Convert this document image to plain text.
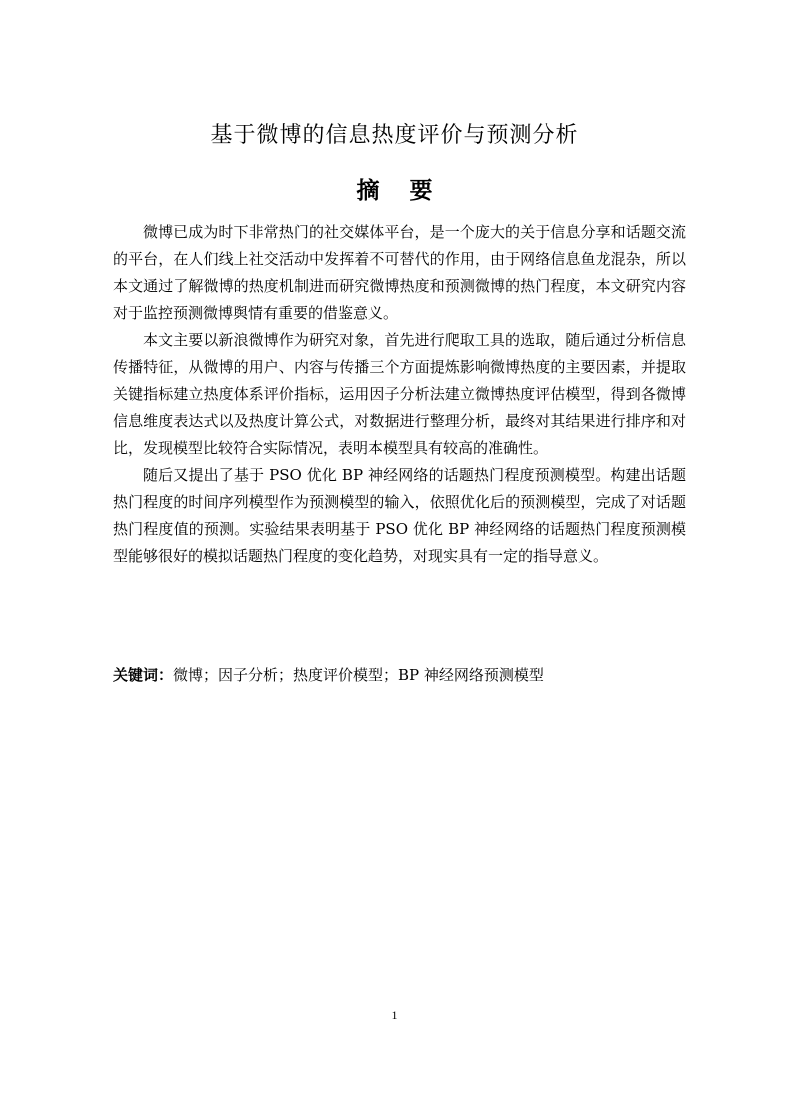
基于微博的信息热度评价与预测分析
摘 要

微博已成为时下非常热门的社交媒体平台，是一个庞大的关于信息分享和话题交流的平台，在人们线上社交活动中发挥着不可替代的作用，由于网络信息鱼龙混杂，所以本文通过了解微博的热度机制进而研究微博热度和预测微博的热门程度，本文研究内容对于监控预测微博舆情有重要的借鉴意义。

本文主要以新浪微博作为研究对象，首先进行爬取工具的选取，随后通过分析信息传播特征，从微博的用户、内容与传播三个方面提炼影响微博热度的主要因素，并提取关键指标建立热度体系评价指标，运用因子分析法建立微博热度评估模型，得到各微博信息维度表达式以及热度计算公式，对数据进行整理分析，最终对其结果进行排序和对比，发现模型比较符合实际情况，表明本模型具有较高的准确性。

随后又提出了基于 PSO 优化 BP 神经网络的话题热门程度预测模型。构建出话题热门程度的时间序列模型作为预测模型的输入，依照优化后的预测模型，完成了对话题热门程度值的预测。实验结果表明基于 PSO 优化 BP 神经网络的话题热门程度预测模型能够很好的模拟话题热门程度的变化趋势，对现实具有一定的指导意义。

关键词：微博；因子分析；热度评价模型；BP 神经网络预测模型
1
